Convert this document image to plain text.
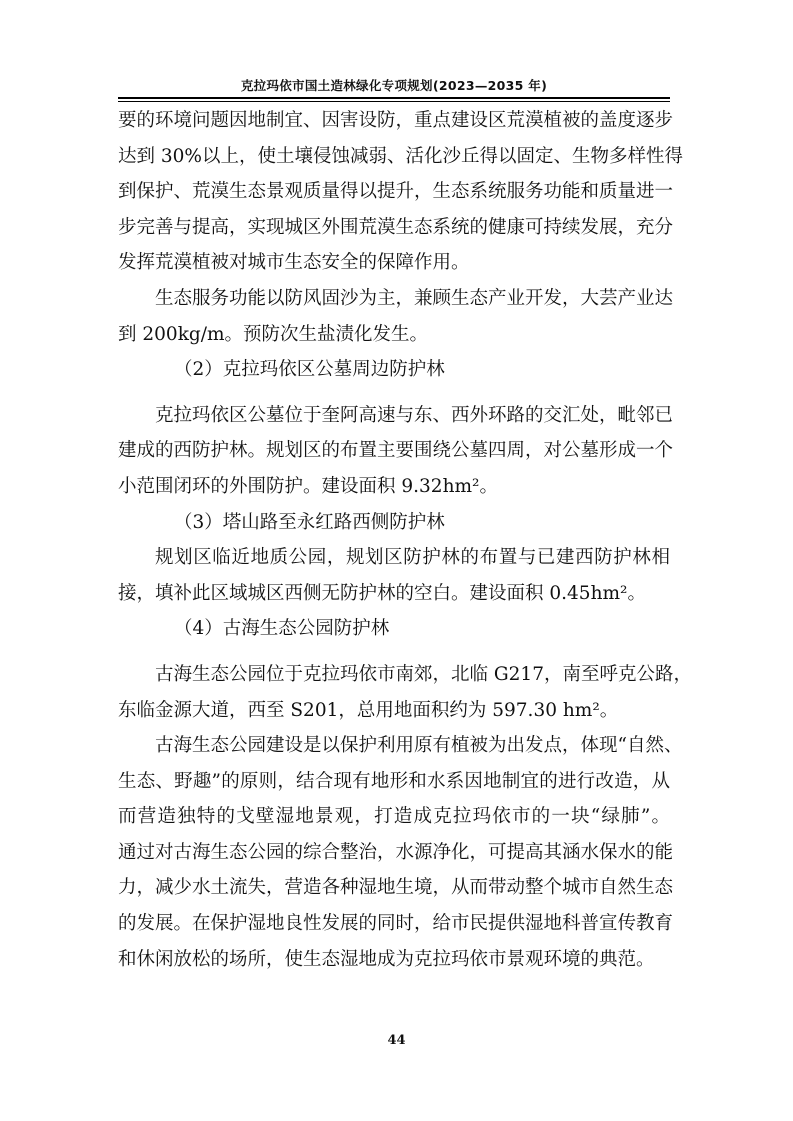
克拉玛依市国土造林绿化专项规划(2023—2035 年)
要的环境问题因地制宜、因害设防，重点建设区荒漠植被的盖度逐步
达到 30%以上，使土壤侵蚀减弱、活化沙丘得以固定、生物多样性得
到保护、荒漠生态景观质量得以提升，生态系统服务功能和质量进一
步完善与提高，实现城区外围荒漠生态系统的健康可持续发展，充分
发挥荒漠植被对城市生态安全的保障作用。
生态服务功能以防风固沙为主，兼顾生态产业开发，大芸产业达
到 200kg/m。预防次生盐渍化发生。
（2）克拉玛依区公墓周边防护林
克拉玛依区公墓位于奎阿高速与东、西外环路的交汇处，毗邻已
建成的西防护林。规划区的布置主要围绕公墓四周，对公墓形成一个
小范围闭环的外围防护。建设面积 9.32hm²。
（3）塔山路至永红路西侧防护林
规划区临近地质公园，规划区防护林的布置与已建西防护林相
接，填补此区域城区西侧无防护林的空白。建设面积 0.45hm²。
（4）古海生态公园防护林
古海生态公园位于克拉玛依市南郊，北临 G217，南至呼克公路，
东临金源大道，西至 S201，总用地面积约为 597.30 hm²。
古海生态公园建设是以保护利用原有植被为出发点，体现“自然、
生态、野趣”的原则，结合现有地形和水系因地制宜的进行改造，从
而营造独特的戈壁湿地景观，打造成克拉玛依市的一块“绿肺”。
通过对古海生态公园的综合整治，水源净化，可提高其涵水保水的能
力，减少水土流失，营造各种湿地生境，从而带动整个城市自然生态
的发展。在保护湿地良性发展的同时，给市民提供湿地科普宣传教育
和休闲放松的场所，使生态湿地成为克拉玛依市景观环境的典范。
44
